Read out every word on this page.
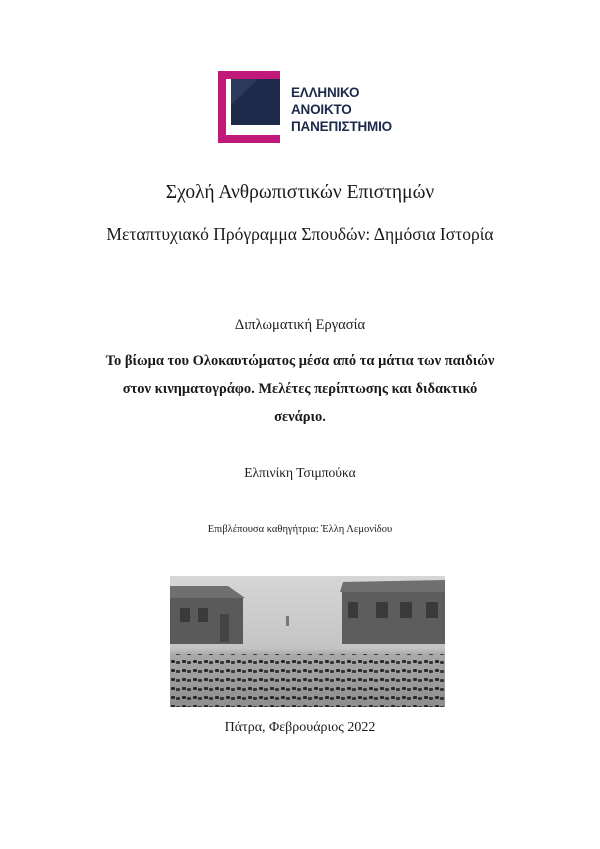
ΕΛΛΗΝΙΚΟ
ΑΝΟΙΚΤΟ
ΠΑΝΕΠΙΣΤΗΜΙΟ
Σχολή Ανθρωπιστικών Επιστημών
Μεταπτυχιακό Πρόγραμμα Σπουδών: Δημόσια Ιστορία
Διπλωματική Εργασία
Το βίωμα του Ολοκαυτώματος μέσα από τα μάτια των παιδιών
στον κινηματογράφο. Μελέτες περίπτωσης και διδακτικό
σενάριο.
Ελπινίκη Τσιμπούκα
Επιβλέπουσα καθηγήτρια: Έλλη Λεμονίδου
Πάτρα, Φεβρουάριος 2022
